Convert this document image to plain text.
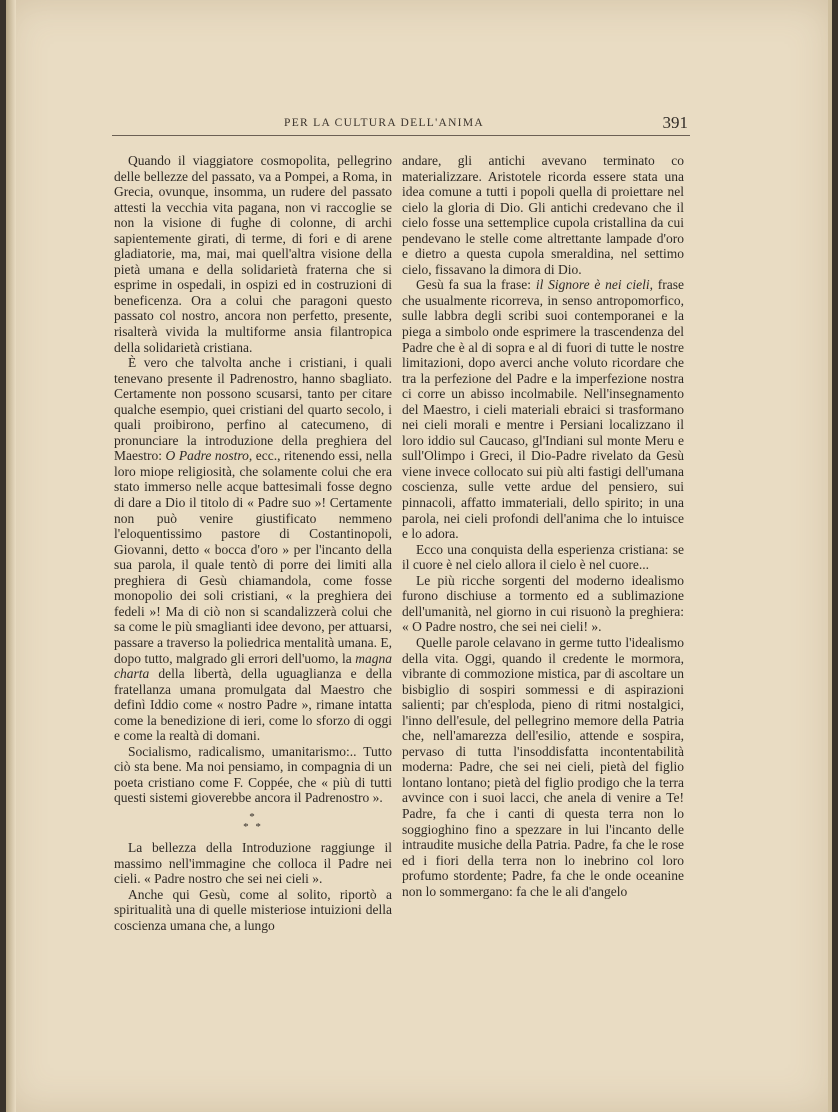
PER LA CULTURA DELL'ANIMA	391

Quando il viaggiatore cosmopolita, pellegrino delle bellezze del passato, va a Pompei, a Roma, in Grecia, ovunque, insomma, un rudere del passato attesti la vecchia vita pagana, non vi raccoglie se non la visione di fughe di colonne, di archi sapientemente girati, di terme, di fori e di arene gladiatorie, ma, mai, mai quell'altra visione della pietà umana e della solidarietà fraterna che si esprime in ospedali, in ospizi ed in costruzioni di beneficenza. Ora a colui che paragoni questo passato col nostro, ancora non perfetto, presente, risalterà vivida la multiforme ansia filantropica della solidarietà cristiana.

È vero che talvolta anche i cristiani, i quali tenevano presente il Padrenostro, hanno sbagliato. Certamente non possono scusarsi, tanto per citare qualche esempio, quei cristiani del quarto secolo, i quali proibirono, perfino al catecumeno, di pronunciare la introduzione della preghiera del Maestro: O Padre nostro, ecc., ritenendo essi, nella loro miope religiosità, che solamente colui che era stato immerso nelle acque battesimali fosse degno di dare a Dio il titolo di « Padre suo »! Certamente non può venire giustificato nemmeno l'eloquentissimo pastore di Costantinopoli, Giovanni, detto « bocca d'oro » per l'incanto della sua parola, il quale tentò di porre dei limiti alla preghiera di Gesù chiamandola, come fosse monopolio dei soli cristiani, « la preghiera dei fedeli »! Ma di ciò non si scandalizzerà colui che sa come le più smaglianti idee devono, per attuarsi, passare a traverso la poliedrica mentalità umana. E, dopo tutto, malgrado gli errori dell'uomo, la magna charta della libertà, della uguaglianza e della fratellanza umana promulgata dal Maestro che definì Iddio come « nostro Padre », rimane intatta come la benedizione di ieri, come lo sforzo di oggi e come la realtà di domani.

Socialismo, radicalismo, umanitarismo:.. Tutto ciò sta bene. Ma noi pensiamo, in compagnia di un poeta cristiano come F. Coppée, che « più di tutti questi sistemi gioverebbe ancora il Padrenostro ».

*
* *

La bellezza della Introduzione raggiunge il massimo nell'immagine che colloca il Padre nei cieli. « Padre nostro che sei nei cieli ».

Anche qui Gesù, come al solito, riportò a spiritualità una di quelle misteriose intuizioni della coscienza umana che, a lungo

andare, gli antichi avevano terminato co materializzare. Aristotele ricorda essere stata una idea comune a tutti i popoli quella di proiettare nel cielo la gloria di Dio. Gli antichi credevano che il cielo fosse una settemplice cupola cristallina da cui pendevano le stelle come altrettante lampade d'oro e dietro a questa cupola smeraldina, nel settimo cielo, fissavano la dimora di Dio.

Gesù fa sua la frase: il Signore è nei cieli, frase che usualmente ricorreva, in senso antropomorfico, sulle labbra degli scribi suoi contemporanei e la piega a simbolo onde esprimere la trascendenza del Padre che è al di sopra e al di fuori di tutte le nostre limitazioni, dopo averci anche voluto ricordare che tra la perfezione del Padre e la imperfezione nostra ci corre un abisso incolmabile. Nell'insegnamento del Maestro, i cieli materiali ebraici si trasformano nei cieli morali e mentre i Persiani localizzano il loro iddio sul Caucaso, gl'Indiani sul monte Meru e sull'Olimpo i Greci, il Dio-Padre rivelato da Gesù viene invece collocato sui più alti fastigi dell'umana coscienza, sulle vette ardue del pensiero, sui pinnacoli, affatto immateriali, dello spirito; in una parola, nei cieli profondi dell'anima che lo intuisce e lo adora.

Ecco una conquista della esperienza cristiana: se il cuore è nel cielo allora il cielo è nel cuore...

Le più ricche sorgenti del moderno idealismo furono dischiuse a tormento ed a sublimazione dell'umanità, nel giorno in cui risuonò la preghiera: « O Padre nostro, che sei nei cieli! ».

Quelle parole celavano in germe tutto l'idealismo della vita. Oggi, quando il credente le mormora, vibrante di commozione mistica, par di ascoltare un bisbiglio di sospiri sommessi e di aspirazioni salienti; par ch'esploda, pieno di ritmi nostalgici, l'inno dell'esule, del pellegrino memore della Patria che, nell'amarezza dell'esilio, attende e sospira, pervaso di tutta l'insoddisfatta incontentabilità moderna: Padre, che sei nei cieli, pietà del figlio lontano lontano; pietà del figlio prodigo che la terra avvince con i suoi lacci, che anela di venire a Te! Padre, fa che i canti di questa terra non lo soggioghino fino a spezzare in lui l'incanto delle intraudite musiche della Patria. Padre, fa che le rose ed i fiori della terra non lo inebrino col loro profumo stordente; Padre, fa che le onde oceanine non lo sommergano: fa che le ali d'angelo
